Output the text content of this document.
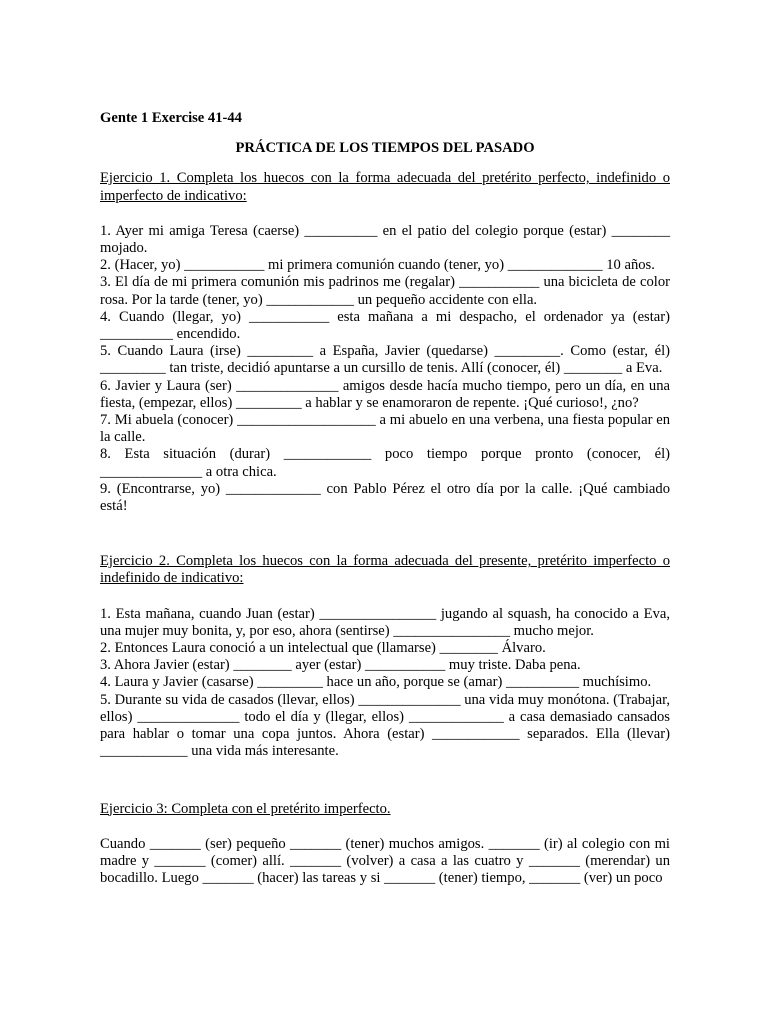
Gente 1 Exercise 41-44

PRÁCTICA DE LOS TIEMPOS DEL PASADO

Ejercicio 1. Completa los huecos con la forma adecuada del pretérito perfecto, indefinido o imperfecto de indicativo:

1. Ayer mi amiga Teresa (caerse) __________ en el patio del colegio porque (estar) ________ mojado.

2. (Hacer, yo) ___________ mi primera comunión cuando (tener, yo) _____________ 10 años.

3. El día de mi primera comunión mis padrinos me (regalar) ___________ una bicicleta de color rosa. Por la tarde (tener, yo) ____________ un pequeño accidente con ella.

4. Cuando (llegar, yo) ___________ esta mañana a mi despacho, el ordenador ya (estar) __________ encendido.

5. Cuando Laura (irse) _________ a España, Javier (quedarse) _________. Como (estar, él) _________ tan triste, decidió apuntarse a un cursillo de tenis. Allí (conocer, él) ________ a Eva.

6. Javier y Laura (ser) ______________ amigos desde hacía mucho tiempo, pero un día, en una fiesta, (empezar, ellos) _________ a hablar y se enamoraron de repente. ¡Qué curioso!, ¿no?

7. Mi abuela (conocer) ___________________ a mi abuelo en una verbena, una fiesta popular en la calle.

8. Esta situación (durar) ____________ poco tiempo porque pronto (conocer, él) ______________ a otra chica.

9. (Encontrarse, yo) _____________ con Pablo Pérez el otro día por la calle. ¡Qué cambiado está!

Ejercicio 2. Completa los huecos con la forma adecuada del presente, pretérito imperfecto o indefinido de indicativo:

1. Esta mañana, cuando Juan (estar) ________________ jugando al squash, ha conocido a Eva, una mujer muy bonita, y, por eso, ahora (sentirse) ________________ mucho mejor.

2. Entonces Laura conoció a un intelectual que (llamarse) ________ Álvaro.

3. Ahora Javier (estar) ________ ayer (estar) ___________ muy triste. Daba pena.

4. Laura y Javier (casarse) _________ hace un año, porque se (amar) __________ muchísimo.

5. Durante su vida de casados (llevar, ellos) ______________ una vida muy monótona. (Trabajar, ellos) ______________ todo el día y (llegar, ellos) _____________ a casa demasiado cansados para hablar o tomar una copa juntos. Ahora (estar) ____________ separados. Ella (llevar) ____________ una vida más interesante.

Ejercicio 3: Completa con el pretérito imperfecto.

Cuando _______ (ser) pequeño _______ (tener) muchos amigos. _______ (ir) al colegio con mi madre y _______ (comer) allí. _______ (volver) a casa a las cuatro y _______ (merendar) un bocadillo. Luego _______ (hacer) las tareas y si _______ (tener) tiempo, _______ (ver) un poco
